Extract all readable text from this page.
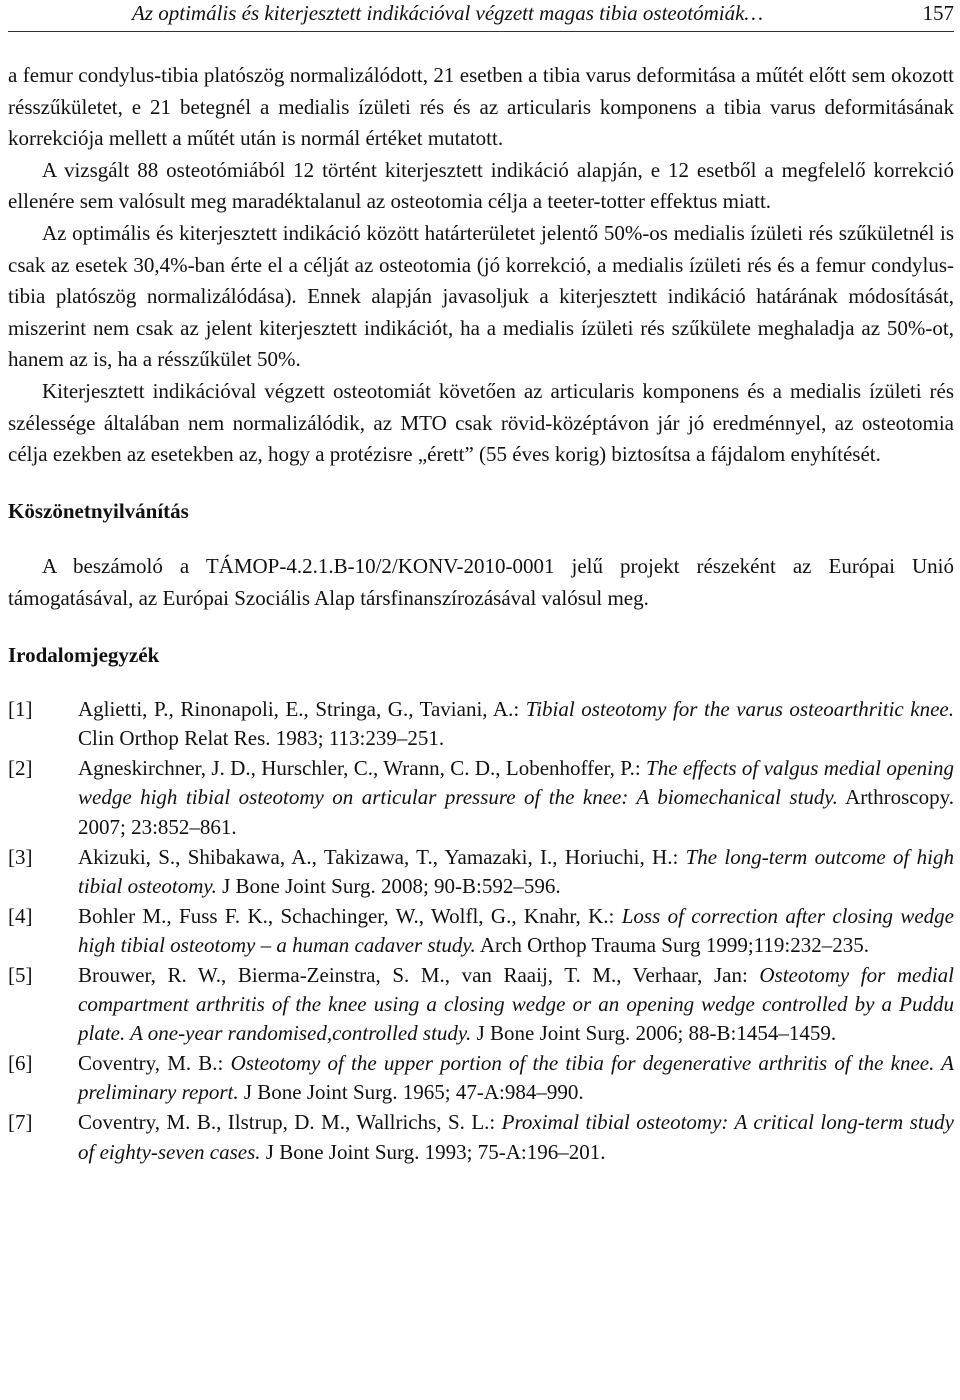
Az optimális és kiterjesztett indikációval végzett magas tibia osteotómiák…	157

a femur condylus-tibia platószög normalizálódott, 21 esetben a tibia varus deformitása a műtét előtt sem okozott résszűkületet, e 21 betegnél a medialis ízületi rés és az articularis komponens a tibia varus deformitásának korrekciója mellett a műtét után is normál értéket mutatott.

A vizsgált 88 osteotómiából 12 történt kiterjesztett indikáció alapján, e 12 esetből a megfelelő korrekció ellenére sem valósult meg maradéktalanul az osteotomia célja a teeter-totter effektus miatt.

Az optimális és kiterjesztett indikáció között határterületet jelentő 50%-os medialis ízületi rés szűkületnél is csak az esetek 30,4%-ban érte el a célját az osteotomia (jó korrekció, a medialis ízületi rés és a femur condylus-tibia platószög normalizálódása). Ennek alapján javasoljuk a kiterjesztett indikáció határának módosítását, miszerint nem csak az jelent kiterjesztett indikációt, ha a medialis ízületi rés szűkülete meghaladja az 50%-ot, hanem az is, ha a résszűkület 50%.

Kiterjesztett indikációval végzett osteotomiát követően az articularis komponens és a medialis ízületi rés szélessége általában nem normalizálódik, az MTO csak rövid-középtávon jár jó eredménnyel, az osteotomia célja ezekben az esetekben az, hogy a protézisre „érett” (55 éves korig) biztosítsa a fájdalom enyhítését.

Köszönetnyilvánítás

A beszámoló a TÁMOP-4.2.1.B-10/2/KONV-2010-0001 jelű projekt részeként az Európai Unió támogatásával, az Európai Szociális Alap társfinanszírozásával valósul meg.

Irodalomjegyzék
[1]	Aglietti, P., Rinonapoli, E., Stringa, G., Taviani, A.: Tibial osteotomy for the varus osteoarthritic knee. Clin Orthop Relat Res. 1983; 113:239–251.
[2]	Agneskirchner, J. D., Hurschler, C., Wrann, C. D., Lobenhoffer, P.: The effects of valgus medial opening wedge high tibial osteotomy on articular pressure of the knee: A biomechanical study. Arthroscopy. 2007; 23:852–861.
[3]	Akizuki, S., Shibakawa, A., Takizawa, T., Yamazaki, I., Horiuchi, H.: The long-term outcome of high tibial osteotomy. J Bone Joint Surg. 2008; 90-B:592–596.
[4]	Bohler M., Fuss F. K., Schachinger, W., Wolfl, G., Knahr, K.: Loss of correction after closing wedge high tibial osteotomy – a human cadaver study. Arch Orthop Trauma Surg 1999;119:232–235.
[5]	Brouwer, R. W., Bierma-Zeinstra, S. M., van Raaij, T. M., Verhaar, Jan: Osteotomy for medial compartment arthritis of the knee using a closing wedge or an opening wedge controlled by a Puddu plate. A one-year randomised,controlled study. J Bone Joint Surg. 2006; 88-B:1454–1459.
[6]	Coventry, M. B.: Osteotomy of the upper portion of the tibia for degenerative arthritis of the knee. A preliminary report. J Bone Joint Surg. 1965; 47-A:984–990.
[7]	Coventry, M. B., Ilstrup, D. M., Wallrichs, S. L.: Proximal tibial osteotomy: A critical long-term study of eighty-seven cases. J Bone Joint Surg. 1993; 75-A:196–201.
